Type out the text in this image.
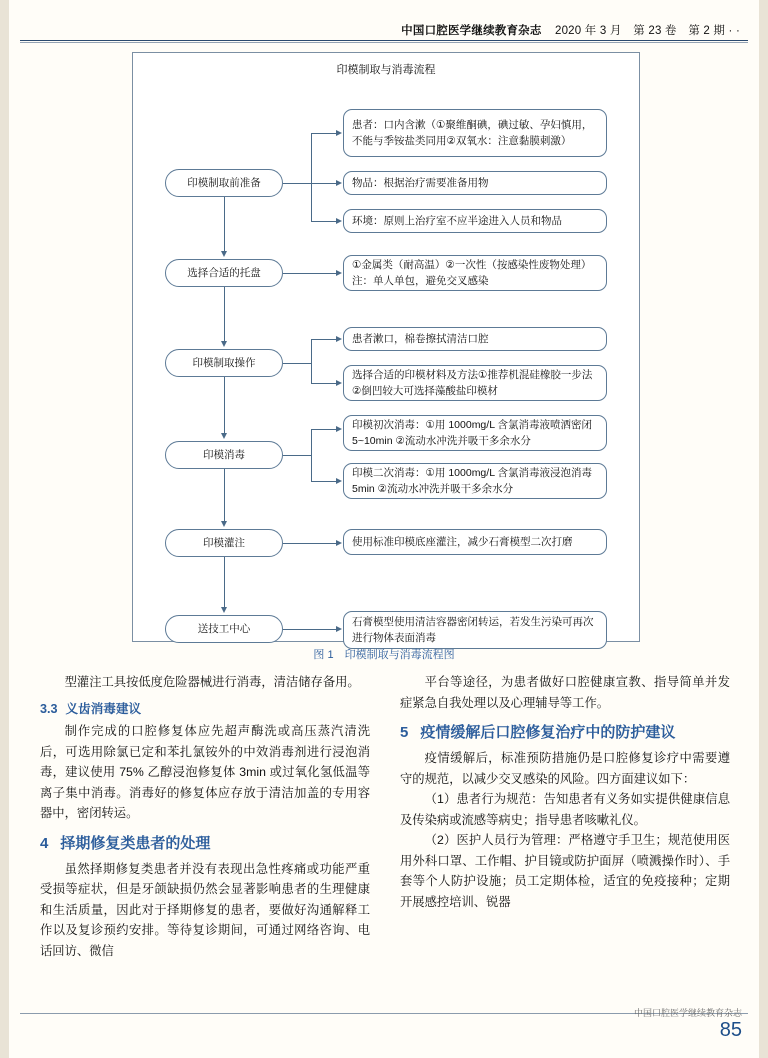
中国口腔医学继续教育杂志 2020 年 3 月　第 23 卷　第 2 期 · ·
印模制取与消毒流程
印模制取前准备
选择合适的托盘
印模制取操作
印模消毒
印模灌注
送技工中心
患者：口内含漱（①聚维酮碘，碘过敏、孕妇慎用，不能与季铵盐类同用②双氧水：注意黏膜刺激）
物品：根据治疗需要准备用物
环境：原则上治疗室不应半途进入人员和物品
①金属类（耐高温）②一次性（按感染性废物处理）注：单人单包，避免交叉感染
患者漱口，棉卷擦拭清洁口腔
选择合适的印模材料及方法①推荐机混硅橡胶一步法②倒凹较大可选择藻酸盐印模材
印模初次消毒：①用 1000mg/L 含氯消毒液喷洒密闭 5~10min ②流动水冲洗并吸干多余水分
印模二次消毒：①用 1000mg/L 含氯消毒液浸泡消毒 5min ②流动水冲洗并吸干多余水分
使用标准印模底座灌注，减少石膏模型二次打磨
石膏模型使用清洁容器密闭转运，若发生污染可再次进行物体表面消毒
图 1　印模制取与消毒流程图

型灌注工具按低度危险器械进行消毒，清洁储存备用。

3.3 义齿消毒建议

制作完成的口腔修复体应先超声酶洗或高压蒸汽清洗后，可选用除氯已定和苯扎氯铵外的中效消毒剂进行浸泡消毒，建议使用 75% 乙醇浸泡修复体 3min 或过氧化氢低温等离子集中消毒。消毒好的修复体应存放于清洁加盖的专用容器中，密闭转运。

4 择期修复类患者的处理

虽然择期修复类患者并没有表现出急性疼痛或功能严重受损等症状，但是牙颌缺损仍然会显著影响患者的生理健康和生活质量，因此对于择期修复的患者，要做好沟通解释工作以及复诊预约安排。等待复诊期间，可通过网络咨询、电话回访、微信

平台等途径，为患者做好口腔健康宣教、指导简单并发症紧急自我处理以及心理辅导等工作。

5 疫情缓解后口腔修复治疗中的防护建议

疫情缓解后，标准预防措施仍是口腔修复诊疗中需要遵守的规范，以减少交叉感染的风险。四方面建议如下：

（1）患者行为规范：告知患者有义务如实提供健康信息及传染病或流感等病史；指导患者咳嗽礼仪。

（2）医护人员行为管理：严格遵守手卫生；规范使用医用外科口罩、工作帽、护目镜或防护面屏（喷溅操作时）、手套等个人防护设施；员工定期体检，适宜的免疫接种；定期开展感控培训、锐器

中国口腔医学继续教育杂志
85
